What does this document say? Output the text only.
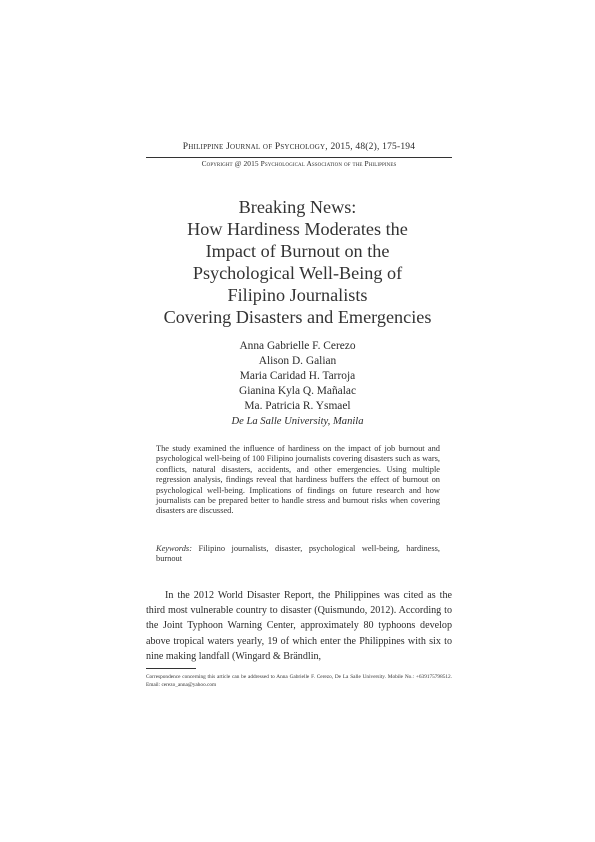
Philippine Journal of Psychology, 2015, 48(2), 175-194
Copyright @ 2015 Psychological Association of the Philippines
Breaking News:
How Hardiness Moderates the
Impact of Burnout on the
Psychological Well-Being of
Filipino Journalists
Covering Disasters and Emergencies
Anna Gabrielle F. Cerezo
Alison D. Galian
Maria Caridad H. Tarroja
Gianina Kyla Q. Mañalac
Ma. Patricia R. Ysmael
De La Salle University, Manila
The study examined the influence of hardiness on the impact of job burnout and psychological well-being of 100 Filipino journalists covering disasters such as wars, conflicts, natural disasters, accidents, and other emergencies. Using multiple regression analysis, findings reveal that hardiness buffers the effect of burnout on psychological well-being. Implications of findings on future research and how journalists can be prepared better to handle stress and burnout risks when covering disasters are discussed.
Keywords: Filipino journalists, disaster, psychological well-being, hardiness, burnout
In the 2012 World Disaster Report, the Philippines was cited as the third most vulnerable country to disaster (Quismundo, 2012). According to the Joint Typhoon Warning Center, approximately 80 typhoons develop above tropical waters yearly, 19 of which enter the Philippines with six to nine making landfall (Wingard & Brändlin,
Correspondence concerning this article can be addressed to Anna Gabrielle F. Cerezo, De La Salle University. Mobile No.: +639175798512. Email: cerezo_anna@yahoo.com
